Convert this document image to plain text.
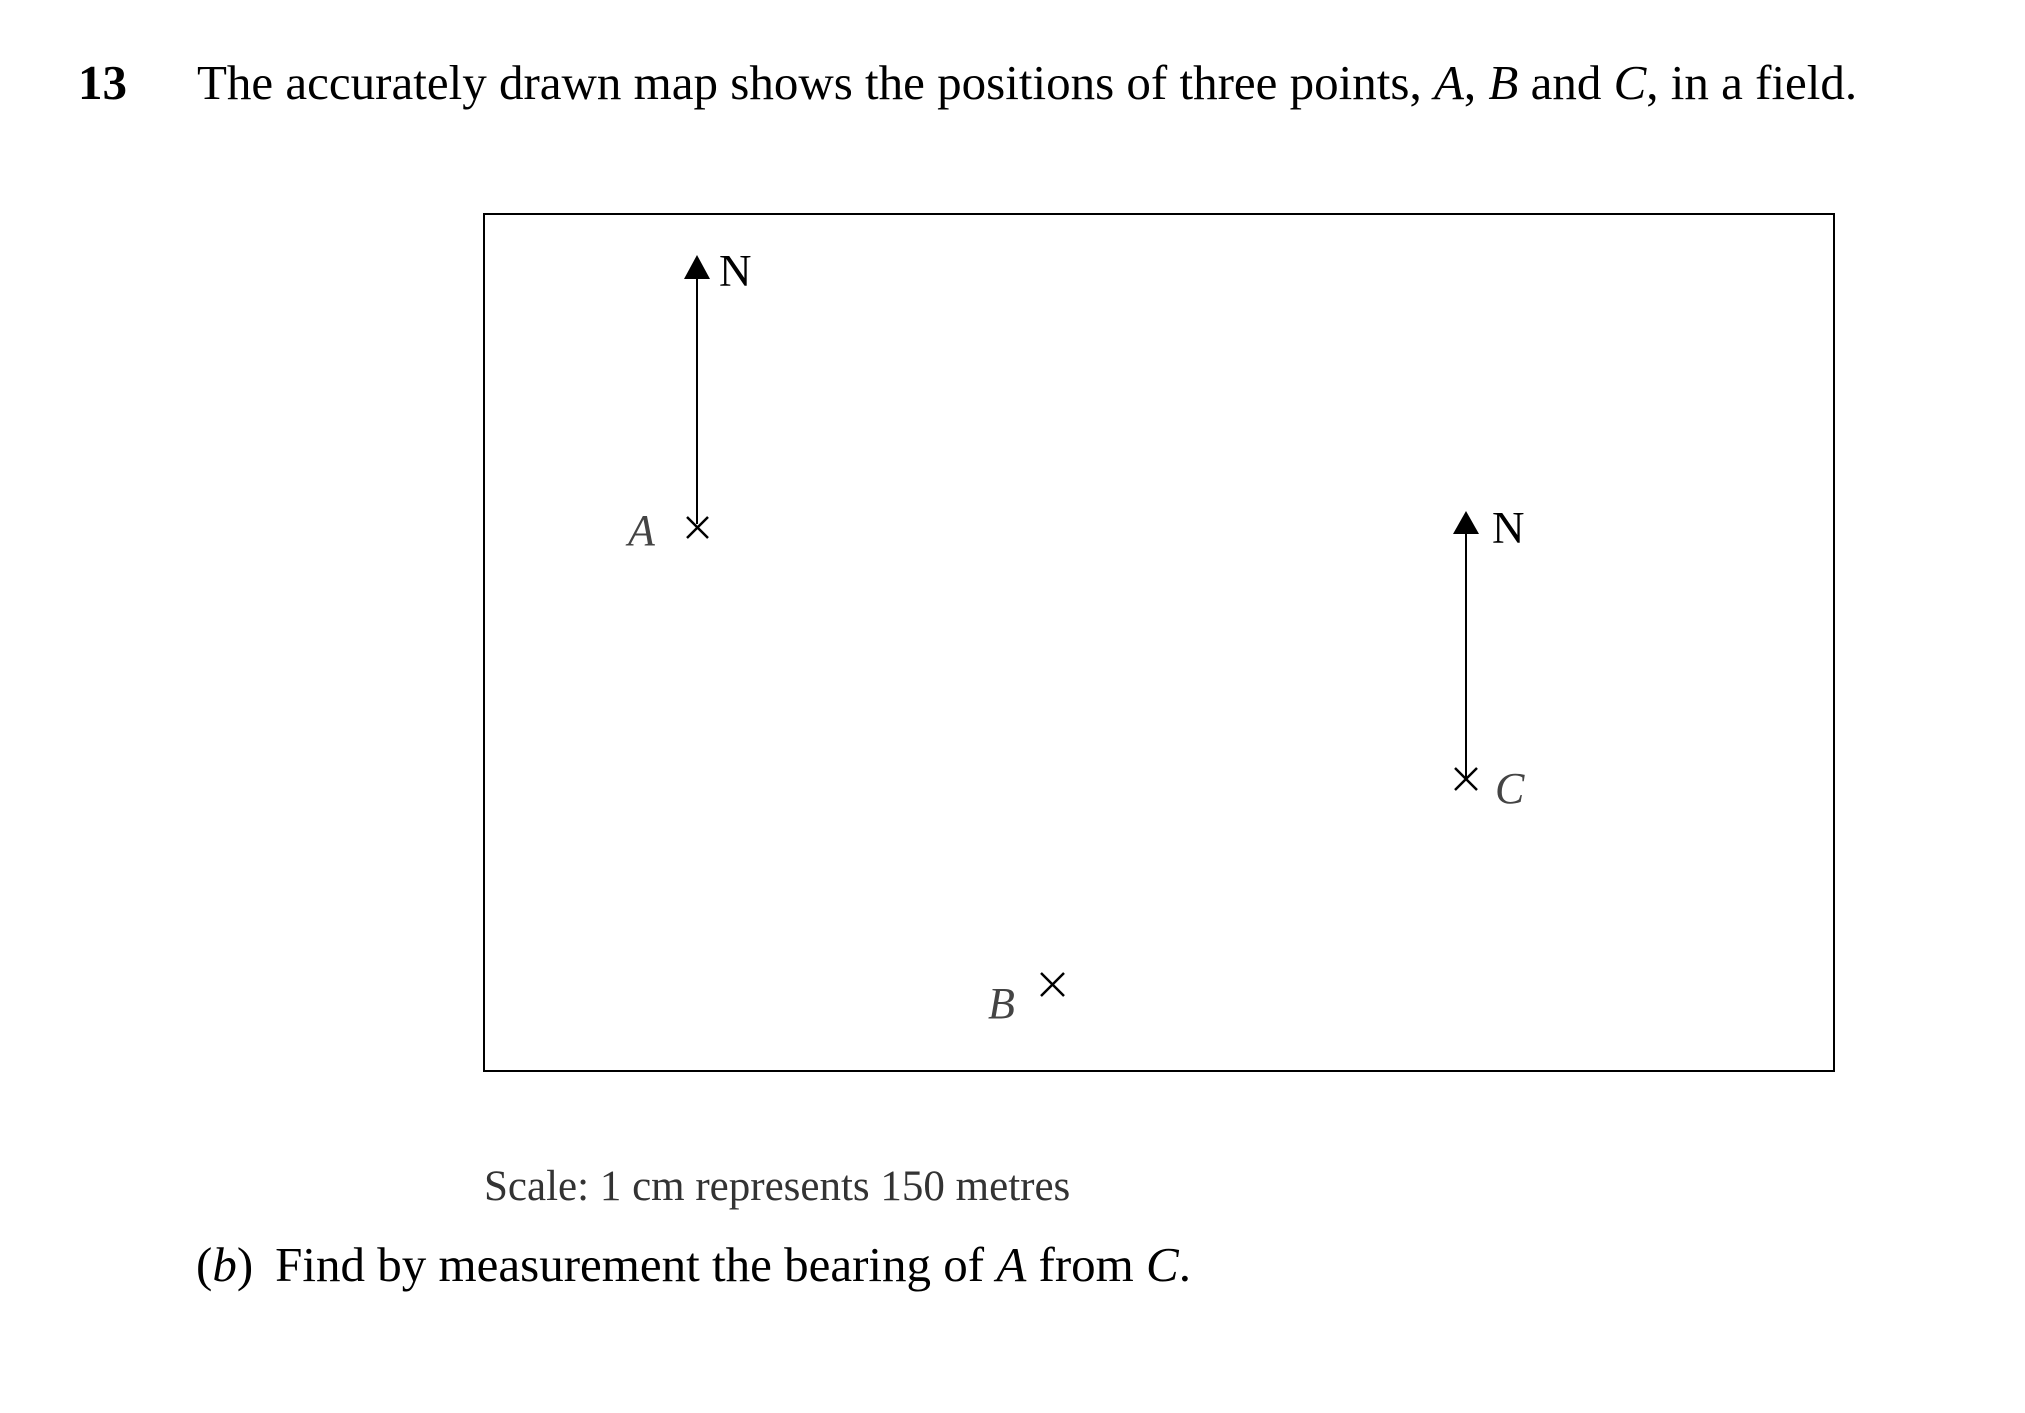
13 The accurately drawn map shows the positions of three points, A, B and C, in a field.
N
A	N
C
B
Scale: 1 cm represents 150 metres
(b) Find by measurement the bearing of A from C.
